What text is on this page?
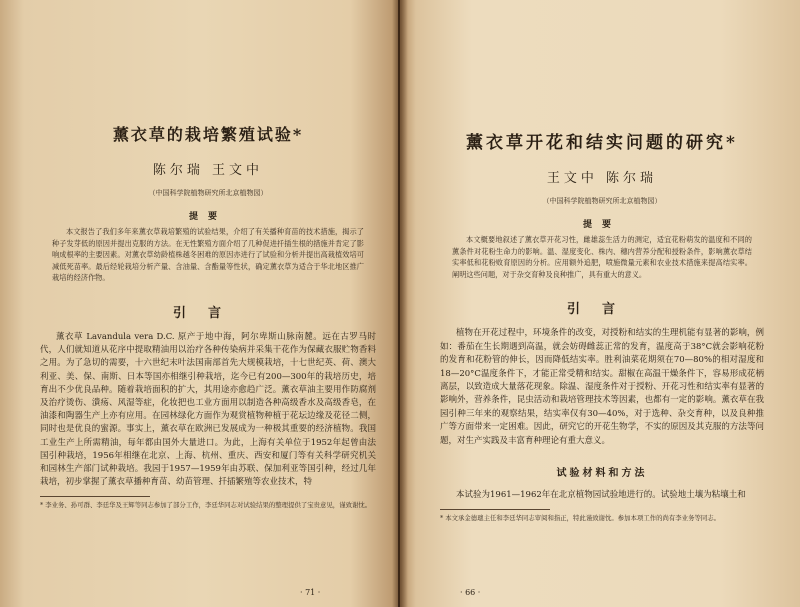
薰衣草的栽培繁殖试验*
陈尔瑞 王文中
（中国科学院植物研究所北京植物园）
提要

本文报告了我们多年来薰衣草栽培繁殖的试验结果，介绍了有关播种育苗的技术措施，揭示了种子发芽低的原因并提出克服的方法。在无性繁殖方面介绍了几种促进扦插生根的措施并肯定了影响成根率的主要因素。对薰衣草幼龄植株越冬困难的原因亦进行了试验和分析并提出高栽植效培可减低死苗率。最后经轮栽培分析产量、含油量、含酯量等性状，确定薰衣草为适合于华北地区推广栽培的经济作物。

引言

薰衣草 Lavandula vera D.C. 原产于地中海，阿尔卑斯山脉南麓。远在古罗马时代，人们就知道从花序中提取精油用以治疗各种传染病并采集干花作为保藏衣服贮物香料之用。为了急切的需要，十六世纪末叶法国南部首先大规模栽培，十七世纪英、荷、澳大利亚、美、保、南斯、日本等国亦相继引种栽培，迄今已有200—300年的栽培历史，培育出不少优良品种。随着栽培面积的扩大，其用途亦愈趋广泛。薰衣草油主要用作防腐剂及治疗烫伤、潰疡、风湿等症，化妆把也工业方面用以制造各种高级香水及高级香皂，在油漆和陶器生产上亦有应用。在园林绿化方面作为观赏植物种植于花坛边缘及花径二侧，同时也是优良的蜜源。事实上，薰衣草在欧洲已发展成为一种极其重要的经济植物。我国工业生产上所需精油，每年都由国外大量进口。为此，上海有关单位于1952年起曾由法国引种栽培，1956年相继在北京、上海、杭州、重庆、西安和厦门等有关科学研究机关和园林生产部门试种栽培。我园于1957—1959年由苏联、保加利亚等国引种，经过几年栽培，初步掌握了薰衣草播种育苗、幼苗管理、扦插繁殖等农业技术，特

* 李业务、孙可群、李廷华及王辉等同志参加了部分工作，李廷华同志对试验结果的整理提供了宝贵意见，谨致谢忱。
· 71 ·
薰衣草开花和结实问题的研究*
王文中 陈尔瑞
（中国科学院植物研究所北京植物园）
提要

本文概要地叙述了薰衣草开花习性，雌雄蕊生活力的测定，适宜花粉萌发的温度和不同的薰条件对花粉生命力的影响。温、湿度变化、株内、穗内营养分配和授粉条件，影响薰衣草结实率低和花粉败育原因的分析。应用额外追肥，喷施微量元素和农业技术措施来提高结实率。阐明这些问题，对于杂交育种及良种推广，具有重大的意义。

引言

植物在开花过程中，环境条件的改变，对授粉和结实的生理机能有显著的影响，例如：番茄在生长期遇到高温，就会妨碍雌蕊正常的发育，温度高于38°C就会影响花粉的发育和花粉管的伸长，因而降低结实率。胜利油菜花期须在70—80%的相对湿度和18—20°C温度条件下，才能正常受精和结实。甜椒在高温干燥条件下，容易形成花柄离层，以致造成大量落花现象。除温、湿度条件对于授粉、开花习性和结实率有显著的影响外，营养条件，昆虫活动和栽培管理技术等因素，也都有一定的影响。薰衣草在我园引种三年来的观察结果，结实率仅有30—40%，对于选种、杂交育种，以及良种推广等方面带来一定困难。因此，研究它的开花生物学，不实的原因及其克服的方法等问题，对生产实践及丰富育种理论有重大意义。

试验材料和方法

本试验为1961—1962年在北京植物园试验地进行的。试验地土壤为粘壤土和

* 本文承金德璁主任和李廷华同志审阅和指正，特此谨致谢忱。参加本项工作的尚有李业务等同志。
· 66 ·
